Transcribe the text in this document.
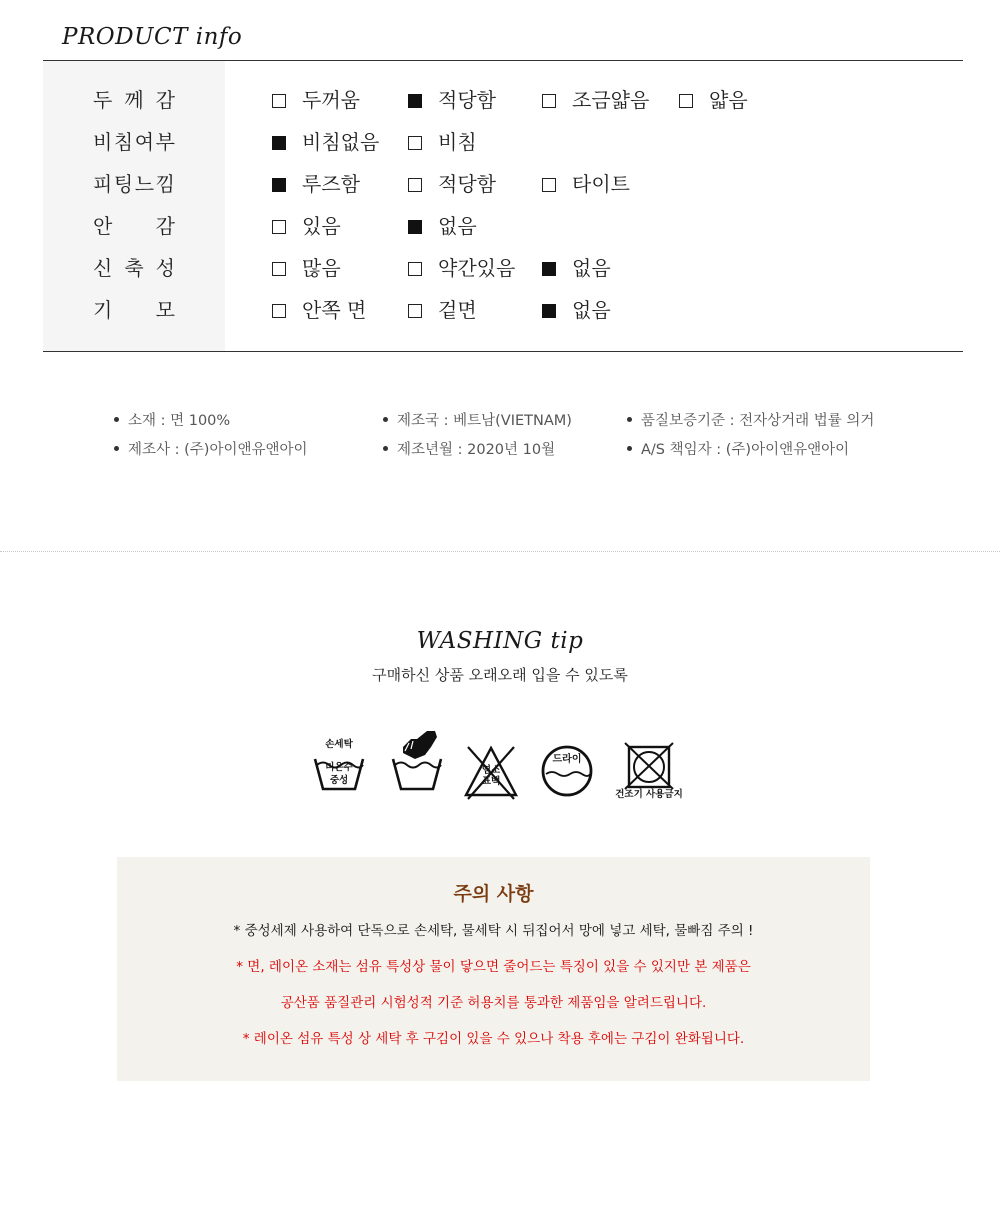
PRODUCT info
두 께 감	두꺼움	적당함	조금얇음	얇음
비 침 여 부	비침없음	비침
피 팅 느 낌	루즈함	적당함	타이트
안 감	있음	없음
신 축 성	많음	약간있음	없음
기 모	안쪽 면	겉면	없음
소재 : 면 100%	제조국 : 베트남(VIETNAM)	품질보증기준 : 전자상거래 법률 의거
제조사 : (주)아이앤유앤아이	제조년월 : 2020년 10월	A/S 책임자 : (주)아이앤유앤아이
WASHING tip
구매하신 상품 오래오래 입을 수 있도록
손세탁
미온수
중성
염소
표백
드라이
건조기 사용금지
주의 사항
* 중성세제 사용하여 단독으로 손세탁, 물세탁 시 뒤집어서 망에 넣고 세탁, 물빠짐 주의 !
* 면, 레이온 소재는 섬유 특성상 물이 닿으면 줄어드는 특징이 있을 수 있지만 본 제품은
공산품 품질관리 시험성적 기준 허용치를 통과한 제품임을 알려드립니다.
* 레이온 섬유 특성 상 세탁 후 구김이 있을 수 있으나 착용 후에는 구김이 완화됩니다.
